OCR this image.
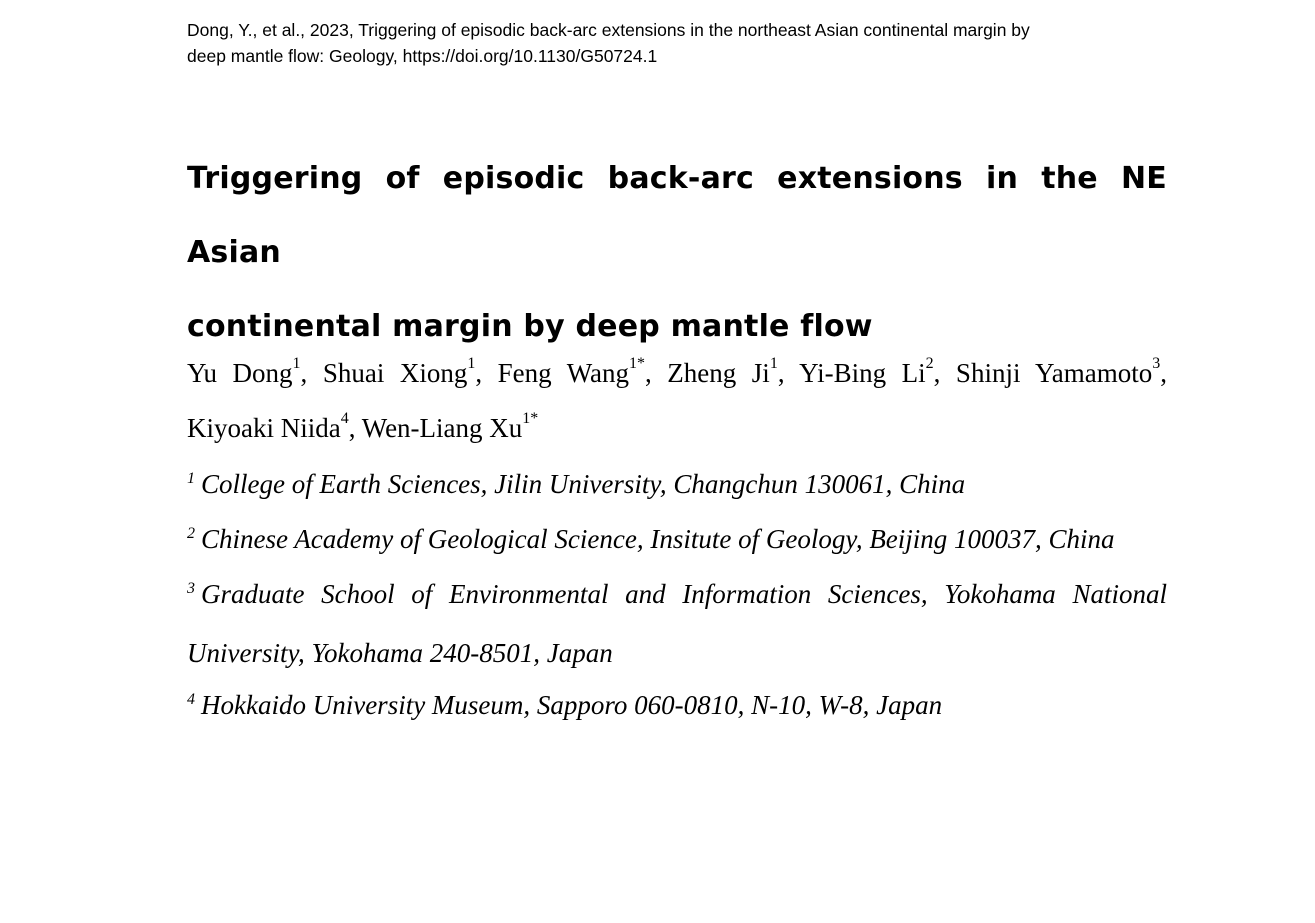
Dong, Y., et al., 2023, Triggering of episodic back-arc extensions in the northeast Asian continental margin by
deep mantle flow: Geology, https://doi.org/10.1130/G50724.1
Triggering of episodic back-arc extensions in the NE Asian
continental margin by deep mantle flow
Yu Dong$^1$, Shuai Xiong$^1$, Feng Wang$^{1*}$, Zheng Ji$^1$, Yi-Bing Li$^2$, Shinji Yamamoto$^3$,
Kiyoaki Niida$^4$, Wen-Liang $Xu^{1*}$
$^1$ College of Earth Sciences, Jilin University, Changchun 130061, China
$^2$ Chinese Academy of Geological Science, Insitute of Geology, Beijing 100037, China
$^3$ Graduate School of Environmental and Information Sciences, Yokohama National
University, Yokohama 240-8501, Japan
$^4$ Hokkaido University Museum, Sapporo 060-0810, N-10, W-8, Japan
